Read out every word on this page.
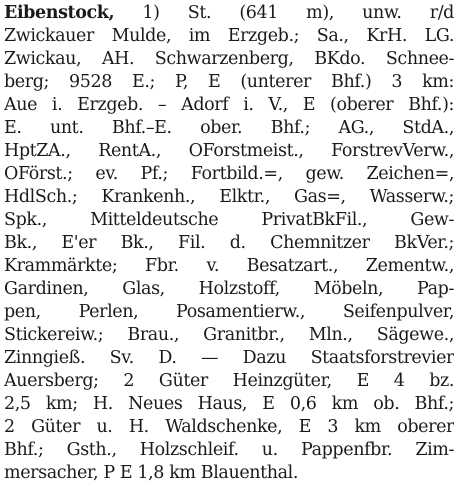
Eibenstock, 1) St. (641 m), unw. r/d
Zwickauer Mulde, im Erzgeb.; Sa., KrH. LG.
Zwickau, AH. Schwarzenberg, BKdo. Schnee-
berg; 9528 E.; P, E (unterer Bhf.) 3 km:
Aue i. Erzgeb. – Adorf i. V., E (oberer Bhf.):
E. unt. Bhf.–E. ober. Bhf.; AG., StdA.,
HptZA., RentA., OForstmeist., ForstrevVerw.,
OFörst.; ev. Pf.; Fortbild.=, gew. Zeichen=,
HdlSch.; Krankenh., Elktr., Gas=, Wasserw.;
Spk., Mitteldeutsche PrivatBkFil., Gew-
Bk., E'er Bk., Fil. d. Chemnitzer BkVer.;
Krammärkte; Fbr. v. Besatzart., Zementw.,
Gardinen, Glas, Holzstoff, Möbeln, Pap-
pen, Perlen, Posamentierw., Seifenpulver,
Stickereiw.; Brau., Granitbr., Mln., Sägewe.,
Zinngieß. Sv. D. — Dazu Staatsforstrevier
Auersberg; 2 Güter Heinzgüter, E 4 bz.
2,5 km; H. Neues Haus, E 0,6 km ob. Bhf.;
2 Güter u. H. Waldschenke, E 3 km oberer
Bhf.; Gsth., Holzschleif. u. Pappenfbr. Zim-
mersacher, P E 1,8 km Blauenthal.
